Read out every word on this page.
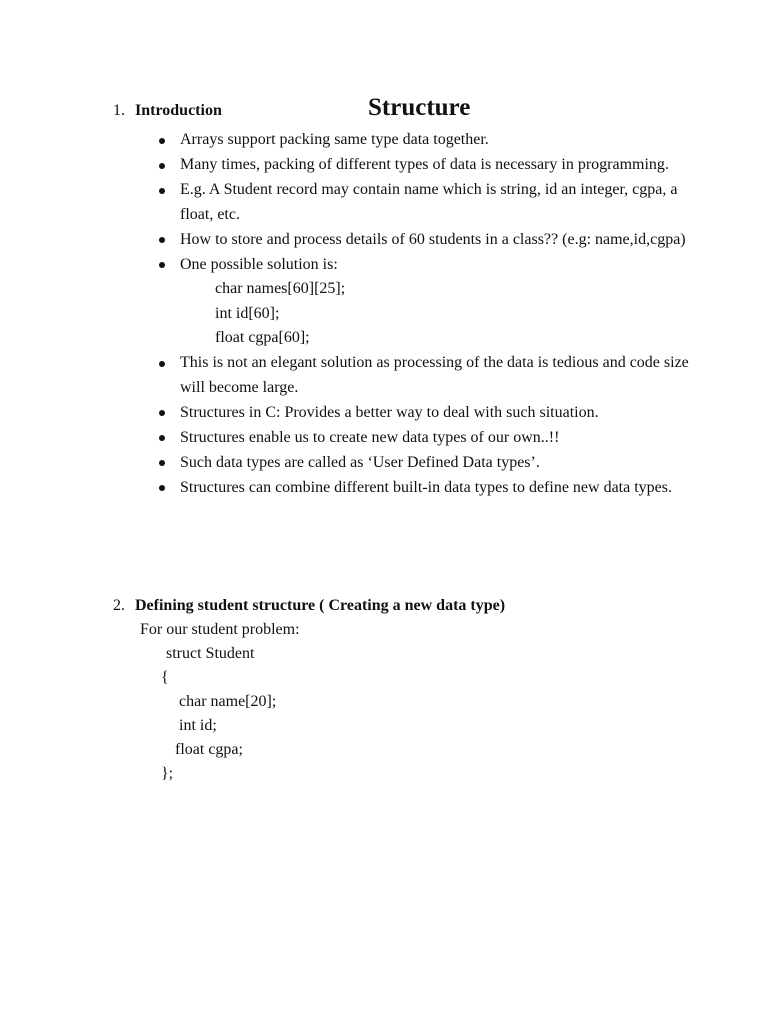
Structure
1. Introduction
Arrays support packing same type data together.
Many times, packing of different types of data is necessary in programming.
E.g. A Student record may contain name which is string, id an integer, cgpa, a float, etc.
How to store and process details of 60 students in a class?? (e.g: name,id,cgpa)
One possible solution is:
char names[60][25];
int id[60];
float cgpa[60];
This is not an elegant solution as processing of the data is tedious and code size will become large.
Structures in C: Provides a better way to deal with such situation.
Structures enable us to create new data types of our own..!!
Such data types are called as ‘User Defined Data types’.
Structures can combine different built-in data types to define new data types.
2. Defining student structure ( Creating a new data type)
For our student problem:
struct Student
{
char name[20];
int id;
float cgpa;
};
